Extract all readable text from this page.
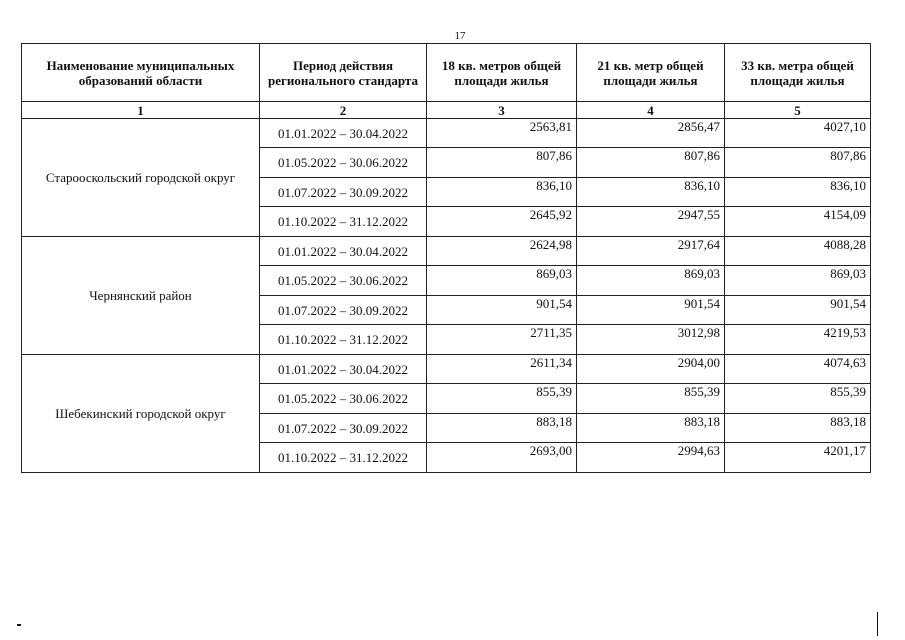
17
Наименование муниципальных образований области	Период действия регионального стандарта	18 кв. метров общей площади жилья	21 кв. метр общей площади жилья	33 кв. метра общей площади жилья
1	2	3	4	5
Старооскольский городской округ	01.01.2022 – 30.04.2022	2563,81	2856,47	4027,10
	01.05.2022 – 30.06.2022	807,86	807,86	807,86
	01.07.2022 – 30.09.2022	836,10	836,10	836,10
	01.10.2022 – 31.12.2022	2645,92	2947,55	4154,09
Чернянский район	01.01.2022 – 30.04.2022	2624,98	2917,64	4088,28
	01.05.2022 – 30.06.2022	869,03	869,03	869,03
	01.07.2022 – 30.09.2022	901,54	901,54	901,54
	01.10.2022 – 31.12.2022	2711,35	3012,98	4219,53
Шебекинский городской округ	01.01.2022 – 30.04.2022	2611,34	2904,00	4074,63
	01.05.2022 – 30.06.2022	855,39	855,39	855,39
	01.07.2022 – 30.09.2022	883,18	883,18	883,18
	01.10.2022 – 31.12.2022	2693,00	2994,63	4201,17
